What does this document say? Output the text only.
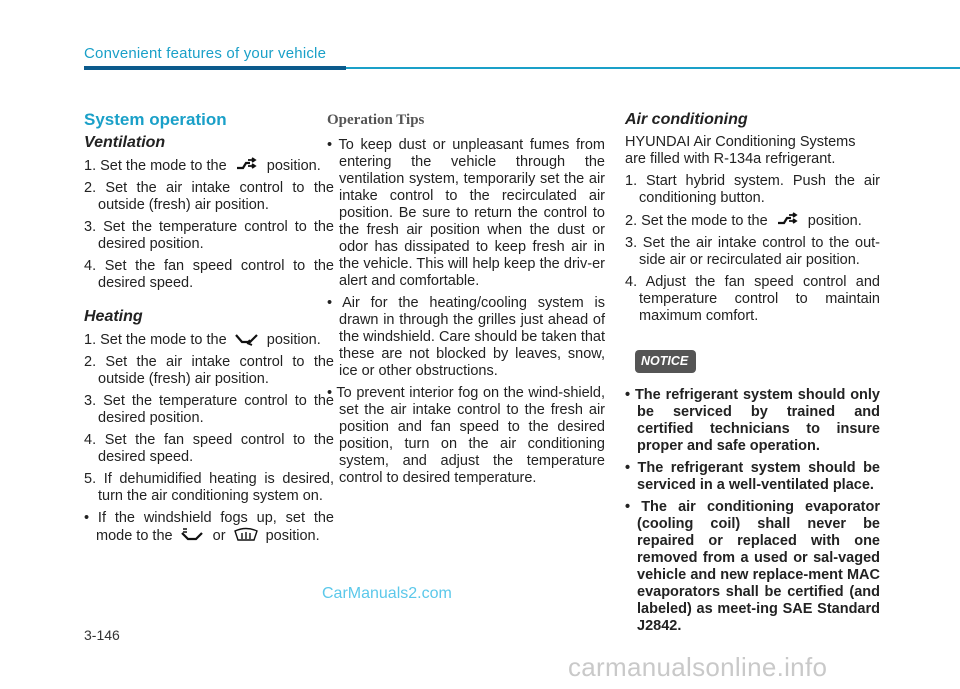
Convenient features of your vehicle
System operation
Ventilation

1. Set the mode to the	position.

2. Set the air intake control to the outside (fresh) air position.

3. Set the temperature control to the desired position.

4. Set the fan speed control to the desired speed.

Heating

1. Set the mode to the	position.

2. Set the air intake control to the outside (fresh) air position.

3. Set the temperature control to the desired position.

4. Set the fan speed control to the desired speed.

5. If dehumidified heating is desired, turn the air conditioning system on.

• If the windshield fogs up, set the mode to the	or	position.

Operation Tips

• To keep dust or unpleasant fumes from entering the vehicle through the ventilation system, temporarily set the air intake control to the recirculated air position. Be sure to return the control to the fresh air position when the dust or odor has dissipated to keep fresh air in the vehicle. This will help keep the driv-er alert and comfortable.

• Air for the heating/cooling system is drawn in through the grilles just ahead of the windshield. Care should be taken that these are not blocked by leaves, snow, ice or other obstructions.

• To prevent interior fog on the wind-shield, set the air intake control to the fresh air position and fan speed to the desired position, turn on the air conditioning system, and adjust the temperature control to desired temperature.

Air conditioning

HYUNDAI Air Conditioning Systems are filled with R-134a refrigerant.

1. Start hybrid system. Push the air conditioning button.

2. Set the mode to the	position.

3. Set the air intake control to the out-side air or recirculated air position.

4. Adjust the fan speed control and temperature control to maintain maximum comfort.

NOTICE

• The refrigerant system should only be serviced by trained and certified technicians to insure proper and safe operation.

• The refrigerant system should be serviced in a well-ventilated place.

• The air conditioning evaporator (cooling coil) shall never be repaired or replaced with one removed from a used or sal-vaged vehicle and new replace-ment MAC evaporators shall be certified (and labeled) as meet-ing SAE Standard J2842.

CarManuals2.com
3-146
carmanualsonline.info
